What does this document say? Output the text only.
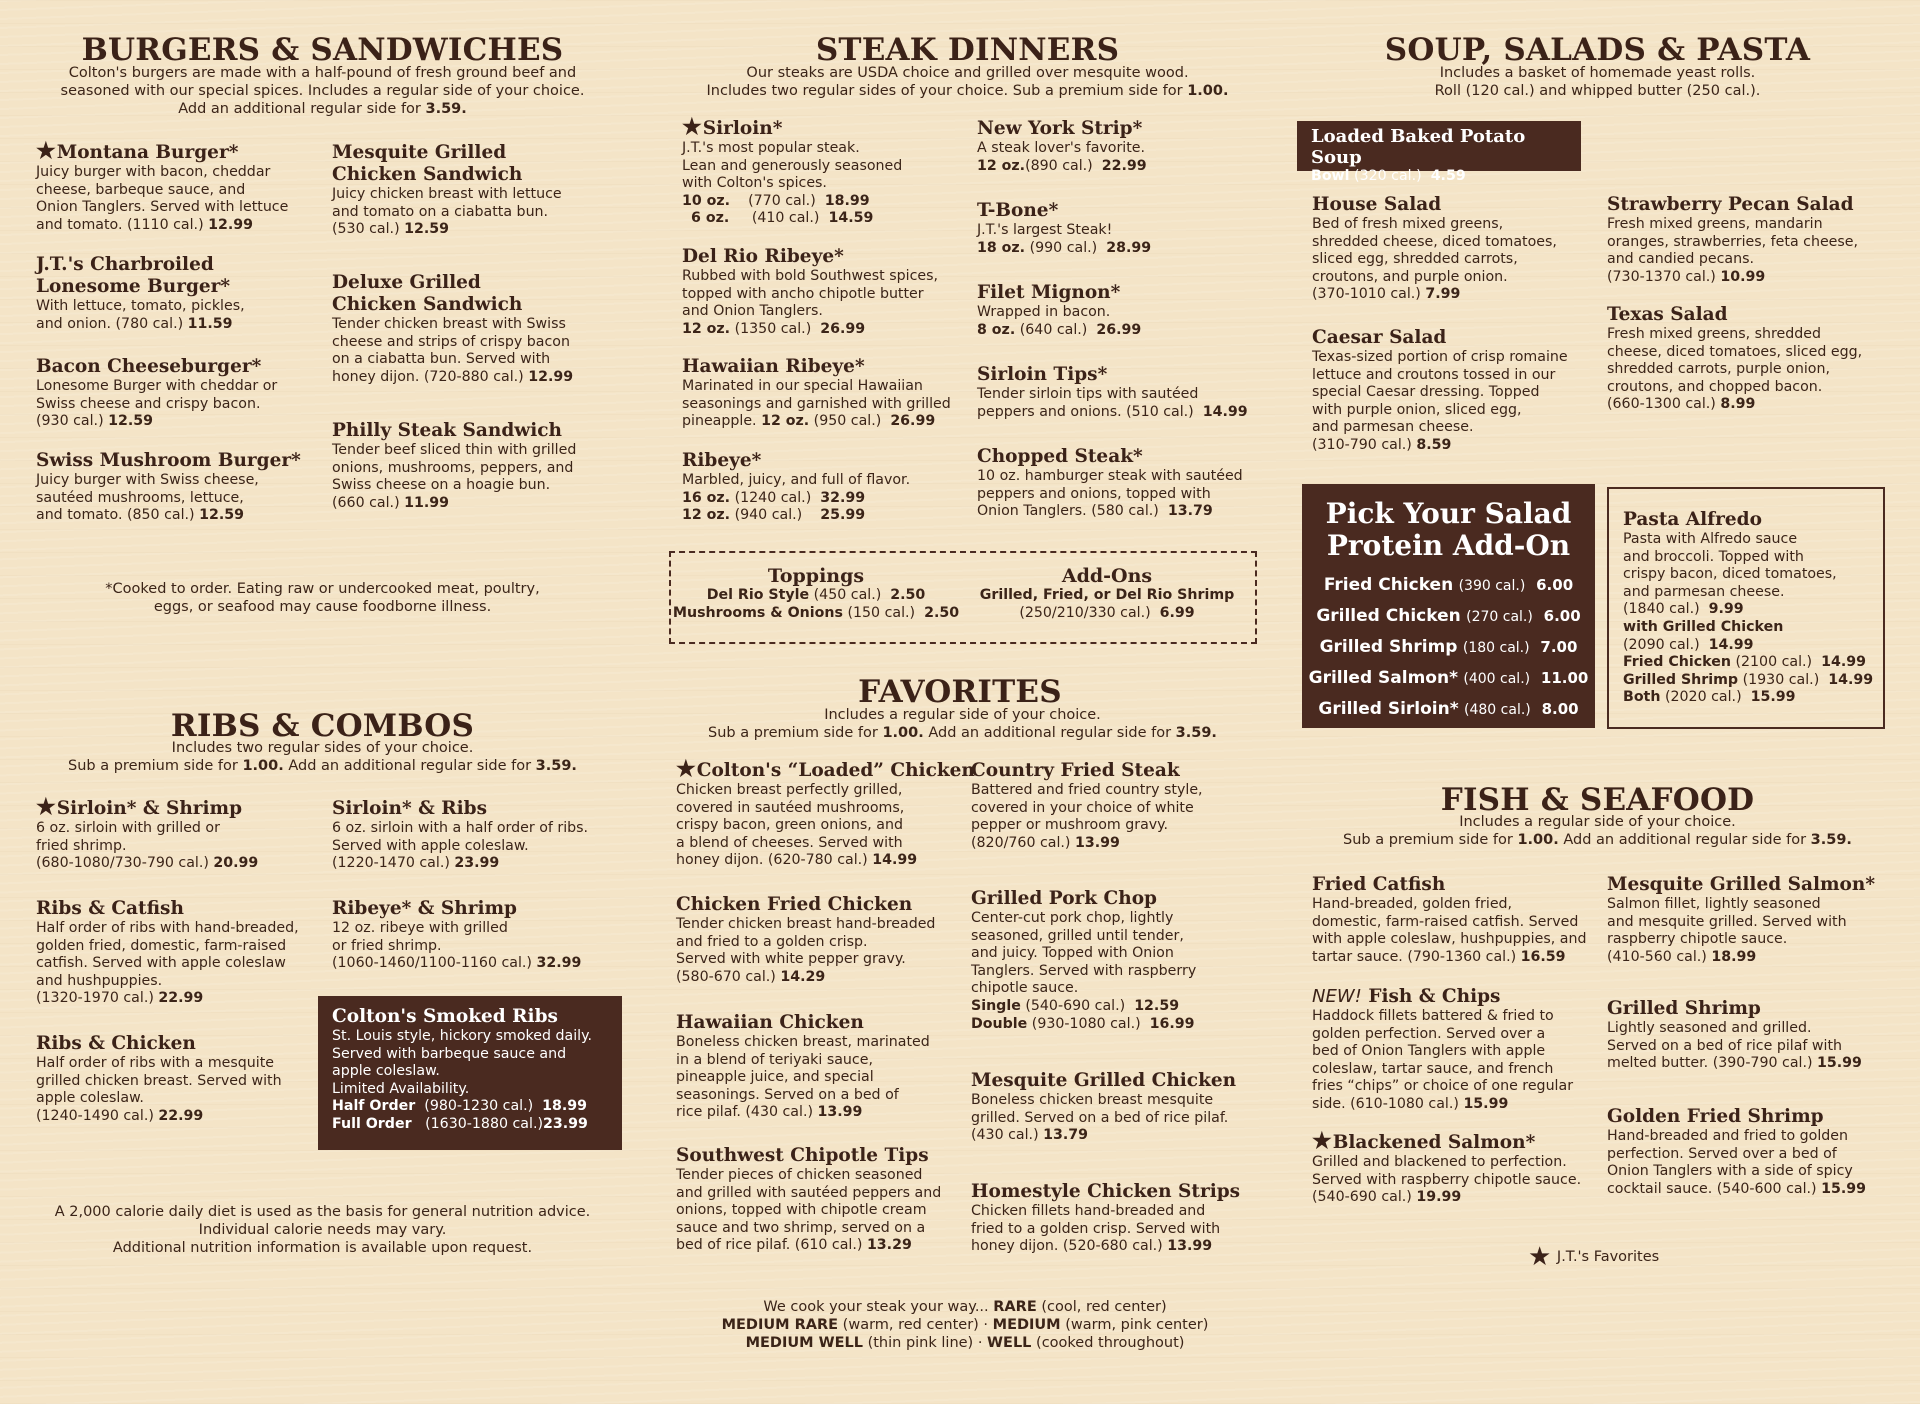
BURGERS & SANDWICHES
Colton's burgers are made with a half-pound of fresh ground beef and
seasoned with our special spices. Includes a regular side of your choice.
Add an additional regular side for 3.59.
★Montana Burger*
Juicy burger with bacon, cheddar
cheese, barbeque sauce, and
Onion Tanglers. Served with lettuce
and tomato. (1110 cal.) 12.99
J.T.'s Charbroiled
Lonesome Burger*
With lettuce, tomato, pickles,
and onion. (780 cal.) 11.59
Bacon Cheeseburger*
Lonesome Burger with cheddar or
Swiss cheese and crispy bacon.
(930 cal.) 12.59
Swiss Mushroom Burger*
Juicy burger with Swiss cheese,
sautéed mushrooms, lettuce,
and tomato. (850 cal.) 12.59
Mesquite Grilled
Chicken Sandwich
Juicy chicken breast with lettuce
and tomato on a ciabatta bun.
(530 cal.) 12.59
Deluxe Grilled
Chicken Sandwich
Tender chicken breast with Swiss
cheese and strips of crispy bacon
on a ciabatta bun. Served with
honey dijon. (720-880 cal.) 12.99
Philly Steak Sandwich
Tender beef sliced thin with grilled
onions, mushrooms, peppers, and
Swiss cheese on a hoagie bun.
(660 cal.) 11.99
*Cooked to order. Eating raw or undercooked meat, poultry,
eggs, or seafood may cause foodborne illness.
RIBS & COMBOS
Includes two regular sides of your choice.
Sub a premium side for 1.00. Add an additional regular side for 3.59.
★Sirloin* & Shrimp
6 oz. sirloin with grilled or
fried shrimp.
(680-1080/730-790 cal.) 20.99
Ribs & Catfish
Half order of ribs with hand-breaded,
golden fried, domestic, farm-raised
catfish. Served with apple coleslaw
and hushpuppies.
(1320-1970 cal.) 22.99
Ribs & Chicken
Half order of ribs with a mesquite
grilled chicken breast. Served with
apple coleslaw.
(1240-1490 cal.) 22.99
Sirloin* & Ribs
6 oz. sirloin with a half order of ribs.
Served with apple coleslaw.
(1220-1470 cal.) 23.99
Ribeye* & Shrimp
12 oz. ribeye with grilled
or fried shrimp.
(1060-1460/1100-1160 cal.) 32.99
Colton's Smoked Ribs
St. Louis style, hickory smoked daily.
Served with barbeque sauce and
apple coleslaw.
Limited Availability.
Half Order (980-1230 cal.) 18.99
Full Order (1630-1880 cal.)23.99
A 2,000 calorie daily diet is used as the basis for general nutrition advice.
Individual calorie needs may vary.
Additional nutrition information is available upon request.
STEAK DINNERS
Our steaks are USDA choice and grilled over mesquite wood.
Includes two regular sides of your choice. Sub a premium side for 1.00.
★Sirloin*
J.T.'s most popular steak.
Lean and generously seasoned
with Colton's spices.
10 oz. (770 cal.) 18.99
6 oz. (410 cal.) 14.59
Del Rio Ribeye*
Rubbed with bold Southwest spices,
topped with ancho chipotle butter
and Onion Tanglers.
12 oz. (1350 cal.) 26.99
Hawaiian Ribeye*
Marinated in our special Hawaiian
seasonings and garnished with grilled
pineapple. 12 oz. (950 cal.) 26.99
Ribeye*
Marbled, juicy, and full of flavor.
16 oz. (1240 cal.) 32.99
12 oz. (940 cal.) 25.99
New York Strip*
A steak lover's favorite.
12 oz.(890 cal.) 22.99
T-Bone*
J.T.'s largest Steak!
18 oz. (990 cal.) 28.99
Filet Mignon*
Wrapped in bacon.
8 oz. (640 cal.) 26.99
Sirloin Tips*
Tender sirloin tips with sautéed
peppers and onions. (510 cal.) 14.99
Chopped Steak*
10 oz. hamburger steak with sautéed
peppers and onions, topped with
Onion Tanglers. (580 cal.) 13.79
Toppings
Del Rio Style (450 cal.) 2.50
Mushrooms & Onions (150 cal.) 2.50
Add-Ons
Grilled, Fried, or Del Rio Shrimp
(250/210/330 cal.) 6.99
FAVORITES
Includes a regular side of your choice.
Sub a premium side for 1.00. Add an additional regular side for 3.59.
★Colton's “Loaded” Chicken
Chicken breast perfectly grilled,
covered in sautéed mushrooms,
crispy bacon, green onions, and
a blend of cheeses. Served with
honey dijon. (620-780 cal.) 14.99
Chicken Fried Chicken
Tender chicken breast hand-breaded
and fried to a golden crisp.
Served with white pepper gravy.
(580-670 cal.) 14.29
Hawaiian Chicken
Boneless chicken breast, marinated
in a blend of teriyaki sauce,
pineapple juice, and special
seasonings. Served on a bed of
rice pilaf. (430 cal.) 13.99
Southwest Chipotle Tips
Tender pieces of chicken seasoned
and grilled with sautéed peppers and
onions, topped with chipotle cream
sauce and two shrimp, served on a
bed of rice pilaf. (610 cal.) 13.29
Country Fried Steak
Battered and fried country style,
covered in your choice of white
pepper or mushroom gravy.
(820/760 cal.) 13.99
Grilled Pork Chop
Center-cut pork chop, lightly
seasoned, grilled until tender,
and juicy. Topped with Onion
Tanglers. Served with raspberry
chipotle sauce.
Single (540-690 cal.) 12.59
Double (930-1080 cal.) 16.99
Mesquite Grilled Chicken
Boneless chicken breast mesquite
grilled. Served on a bed of rice pilaf.
(430 cal.) 13.79
Homestyle Chicken Strips
Chicken fillets hand-breaded and
fried to a golden crisp. Served with
honey dijon. (520-680 cal.) 13.99
We cook your steak your way... RARE (cool, red center)
MEDIUM RARE (warm, red center) · MEDIUM (warm, pink center)
MEDIUM WELL (thin pink line) · WELL (cooked throughout)
SOUP, SALADS & PASTA
Includes a basket of homemade yeast rolls.
Roll (120 cal.) and whipped butter (250 cal.).
Loaded Baked Potato Soup
Bowl (320 cal.) 4.59
House Salad
Bed of fresh mixed greens,
shredded cheese, diced tomatoes,
sliced egg, shredded carrots,
croutons, and purple onion.
(370-1010 cal.) 7.99
Caesar Salad
Texas-sized portion of crisp romaine
lettuce and croutons tossed in our
special Caesar dressing. Topped
with purple onion, sliced egg,
and parmesan cheese.
(310-790 cal.) 8.59
Strawberry Pecan Salad
Fresh mixed greens, mandarin
oranges, strawberries, feta cheese,
and candied pecans.
(730-1370 cal.) 10.99
Texas Salad
Fresh mixed greens, shredded
cheese, diced tomatoes, sliced egg,
shredded carrots, purple onion,
croutons, and chopped bacon.
(660-1300 cal.) 8.99
Pick Your Salad
Protein Add-On
Fried Chicken (390 cal.) 6.00
Grilled Chicken (270 cal.) 6.00
Grilled Shrimp (180 cal.) 7.00
Grilled Salmon* (400 cal.) 11.00
Grilled Sirloin* (480 cal.) 8.00
Pasta Alfredo
Pasta with Alfredo sauce
and broccoli. Topped with
crispy bacon, diced tomatoes,
and parmesan cheese.
(1840 cal.) 9.99
with Grilled Chicken
(2090 cal.) 14.99
Fried Chicken (2100 cal.) 14.99
Grilled Shrimp (1930 cal.) 14.99
Both (2020 cal.) 15.99
FISH & SEAFOOD
Includes a regular side of your choice.
Sub a premium side for 1.00. Add an additional regular side for 3.59.
Fried Catfish
Hand-breaded, golden fried,
domestic, farm-raised catfish. Served
with apple coleslaw, hushpuppies, and
tartar sauce. (790-1360 cal.) 16.59
NEW! Fish & Chips
Haddock fillets battered & fried to
golden perfection. Served over a
bed of Onion Tanglers with apple
coleslaw, tartar sauce, and french
fries “chips” or choice of one regular
side. (610-1080 cal.) 15.99
★Blackened Salmon*
Grilled and blackened to perfection.
Served with raspberry chipotle sauce.
(540-690 cal.) 19.99
Mesquite Grilled Salmon*
Salmon fillet, lightly seasoned
and mesquite grilled. Served with
raspberry chipotle sauce.
(410-560 cal.) 18.99
Grilled Shrimp
Lightly seasoned and grilled.
Served on a bed of rice pilaf with
melted butter. (390-790 cal.) 15.99
Golden Fried Shrimp
Hand-breaded and fried to golden
perfection. Served over a bed of
Onion Tanglers with a side of spicy
cocktail sauce. (540-600 cal.) 15.99
★ J.T.'s Favorites
